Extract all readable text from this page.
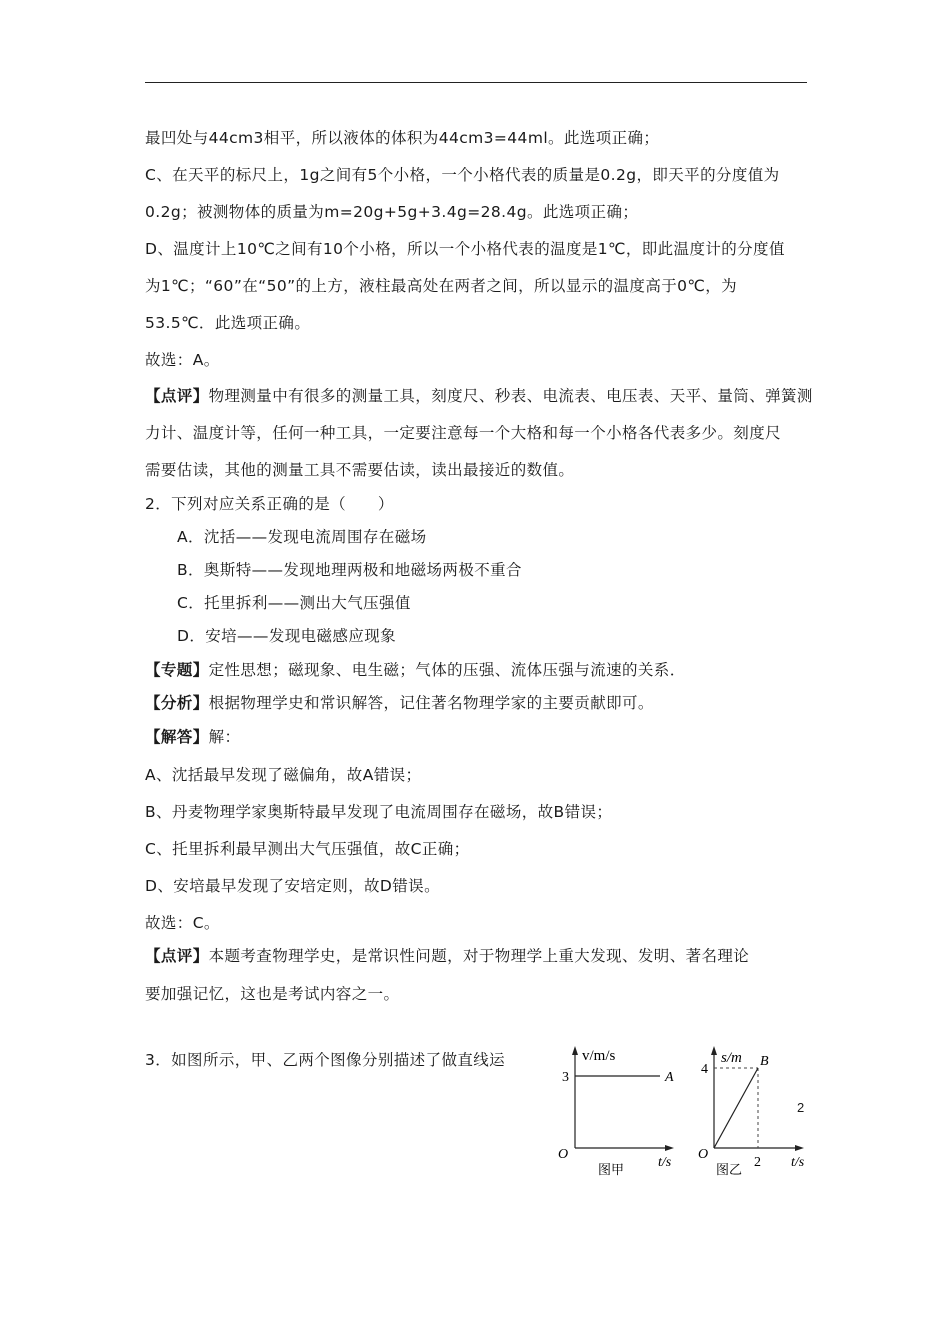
最凹处与44cm3相平，所以液体的体积为44cm3=44ml。此选项正确；
C、在天平的标尺上，1g之间有5个小格，一个小格代表的质量是0.2g，即天平的分度值为
0.2g；被测物体的质量为m=20g+5g+3.4g=28.4g。此选项正确；
D、温度计上10℃之间有10个小格，所以一个小格代表的温度是1℃，即此温度计的分度值
为1℃；“60”在“50”的上方，液柱最高处在两者之间，所以显示的温度高于0℃，为
53.5℃．此选项正确。
故选：A。
【点评】物理测量中有很多的测量工具，刻度尺、秒表、电流表、电压表、天平、量筒、弹簧测
力计、温度计等，任何一种工具，一定要注意每一个大格和每一个小格各代表多少。刻度尺
需要估读，其他的测量工具不需要估读，读出最接近的数值。
2．下列对应关系正确的是（　　）
A．沈括——发现电流周围存在磁场
B．奥斯特——发现地理两极和地磁场两极不重合
C．托里拆利——测出大气压强值
D．安培——发现电磁感应现象
【专题】定性思想；磁现象、电生磁；气体的压强、流体压强与流速的关系．
【分析】根据物理学史和常识解答，记住著名物理学家的主要贡献即可。
【解答】解：
A、沈括最早发现了磁偏角，故A错误；
B、丹麦物理学家奥斯特最早发现了电流周围存在磁场，故B错误；
C、托里拆利最早测出大气压强值，故C正确；
D、安培最早发现了安培定则，故D错误。
故选：C。
【点评】本题考查物理学史，是常识性问题，对于物理学上重大发现、发明、著名理论
要加强记忆，这也是考试内容之一。
3．如图所示，甲、乙两个图像分别描述了做直线运	v/m/s
3	A
O
t/s
图甲
s/m
4
2
B
O
t/s
图乙
2
